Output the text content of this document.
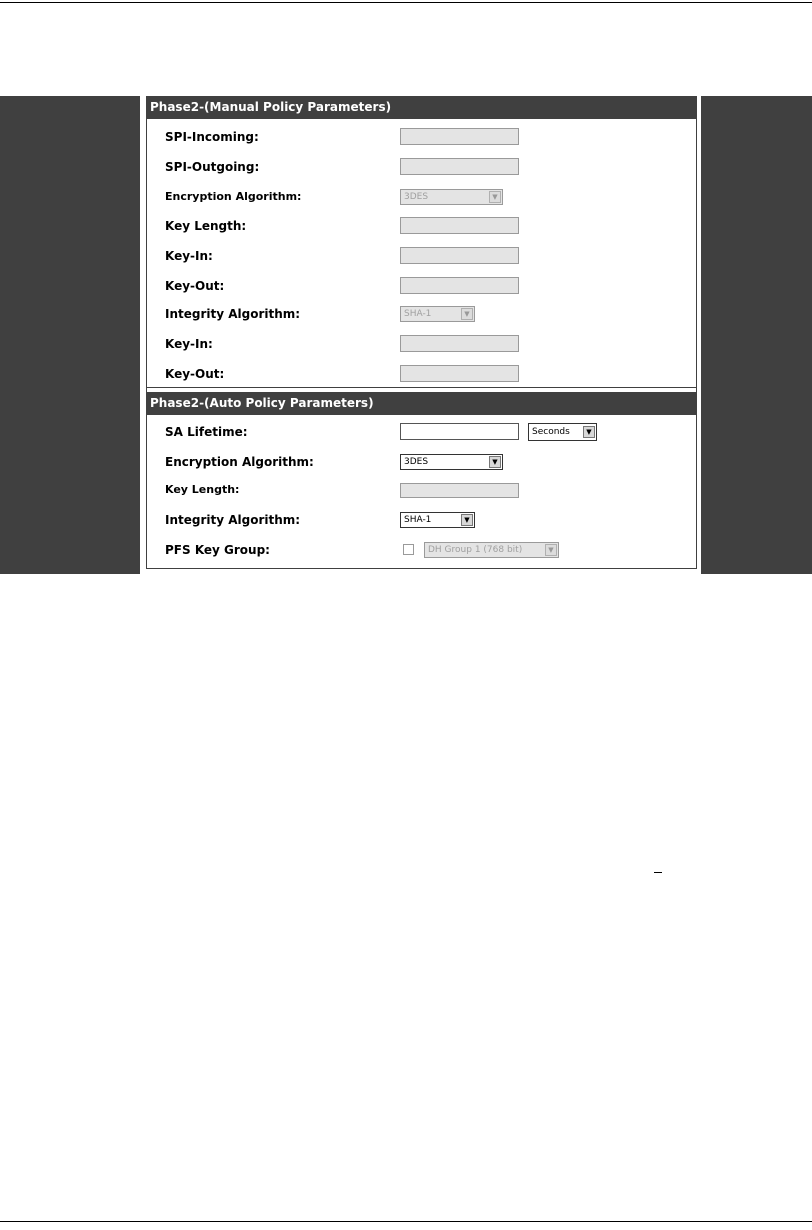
Phase2-(Manual Policy Parameters)
SPI-Incoming:
SPI-Outgoing:
Encryption Algorithm:	3DES	▼
Key Length:
Key-In:
Key-Out:
Integrity Algorithm:	SHA-1	▼
Key-In:
Key-Out:
Phase2-(Auto Policy Parameters)
SA Lifetime:	Seconds	▼
Encryption Algorithm:	3DES	▼
Key Length:
Integrity Algorithm:	SHA-1	▼
PFS Key Group:	DH Group 1 (768 bit)	▼
